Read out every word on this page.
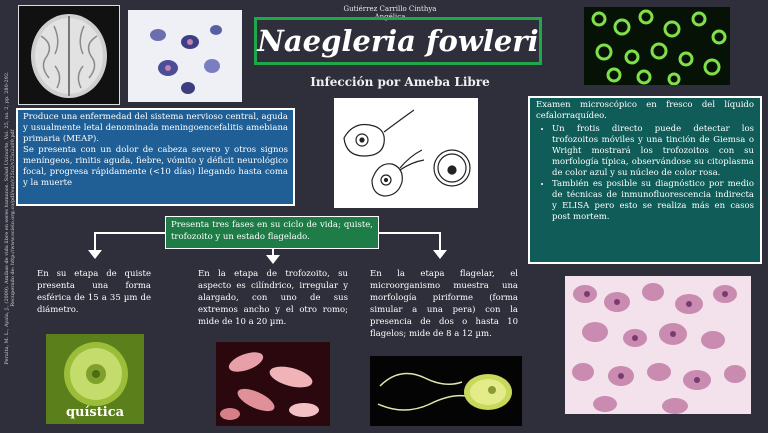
Gutiérrez Carrillo Cinthya Angélica
Naegleria fowleri
Infección por Ameba Libre
Peralta, M. L., Ayala, J., (2009). Amibas de vida libre en seres humanos. Salud Uninorte, Vol. 25, no. 2, pp. 280-292. Recuperado de: http://www.scielo.org.co/pdf/sun/v25n2/v25n2a09.pdf

Produce una enfermedad del sistema nervioso central, aguda y usualmente letal denominada meningoencefalitis amebiana primaria (MEAP).

Se presenta con un dolor de cabeza severo y otros signos meníngeos, rinitis aguda, fiebre, vómito y déficit neurológico focal, progresa rápidamente (<10 días) llegando hasta coma y la muerte

Examen microscópico en fresco del líquido cefalorraquídeo.
• Un frotis directo puede detectar los trofozoitos móviles y una tinción de Giemsa o Wright mostrará los trofozoitos con su morfología típica, observándose su citoplasma de color azul y su núcleo de color rosa.
• También es posible su diagnóstico por medio de técnicas de inmunofluorescencia indirecta y ELISA pero esto se realiza más en casos post mortem.
Presenta tres fases en su ciclo de vida; quiste, trofozoito y un estado flagelado.
En su etapa de quiste presenta una forma esférica de 15 a 35 µm de diámetro.
En la etapa de trofozoito, su aspecto es cilíndrico, irregular y alargado, con uno de sus extremos ancho y el otro romo; mide de 10 a 20 µm.
En la etapa flagelar, el microorganismo muestra una morfología piriforme (forma simular a una pera) con la presencia de dos o hasta 10 flagelos; mide de 8 a 12 µm.
quística
